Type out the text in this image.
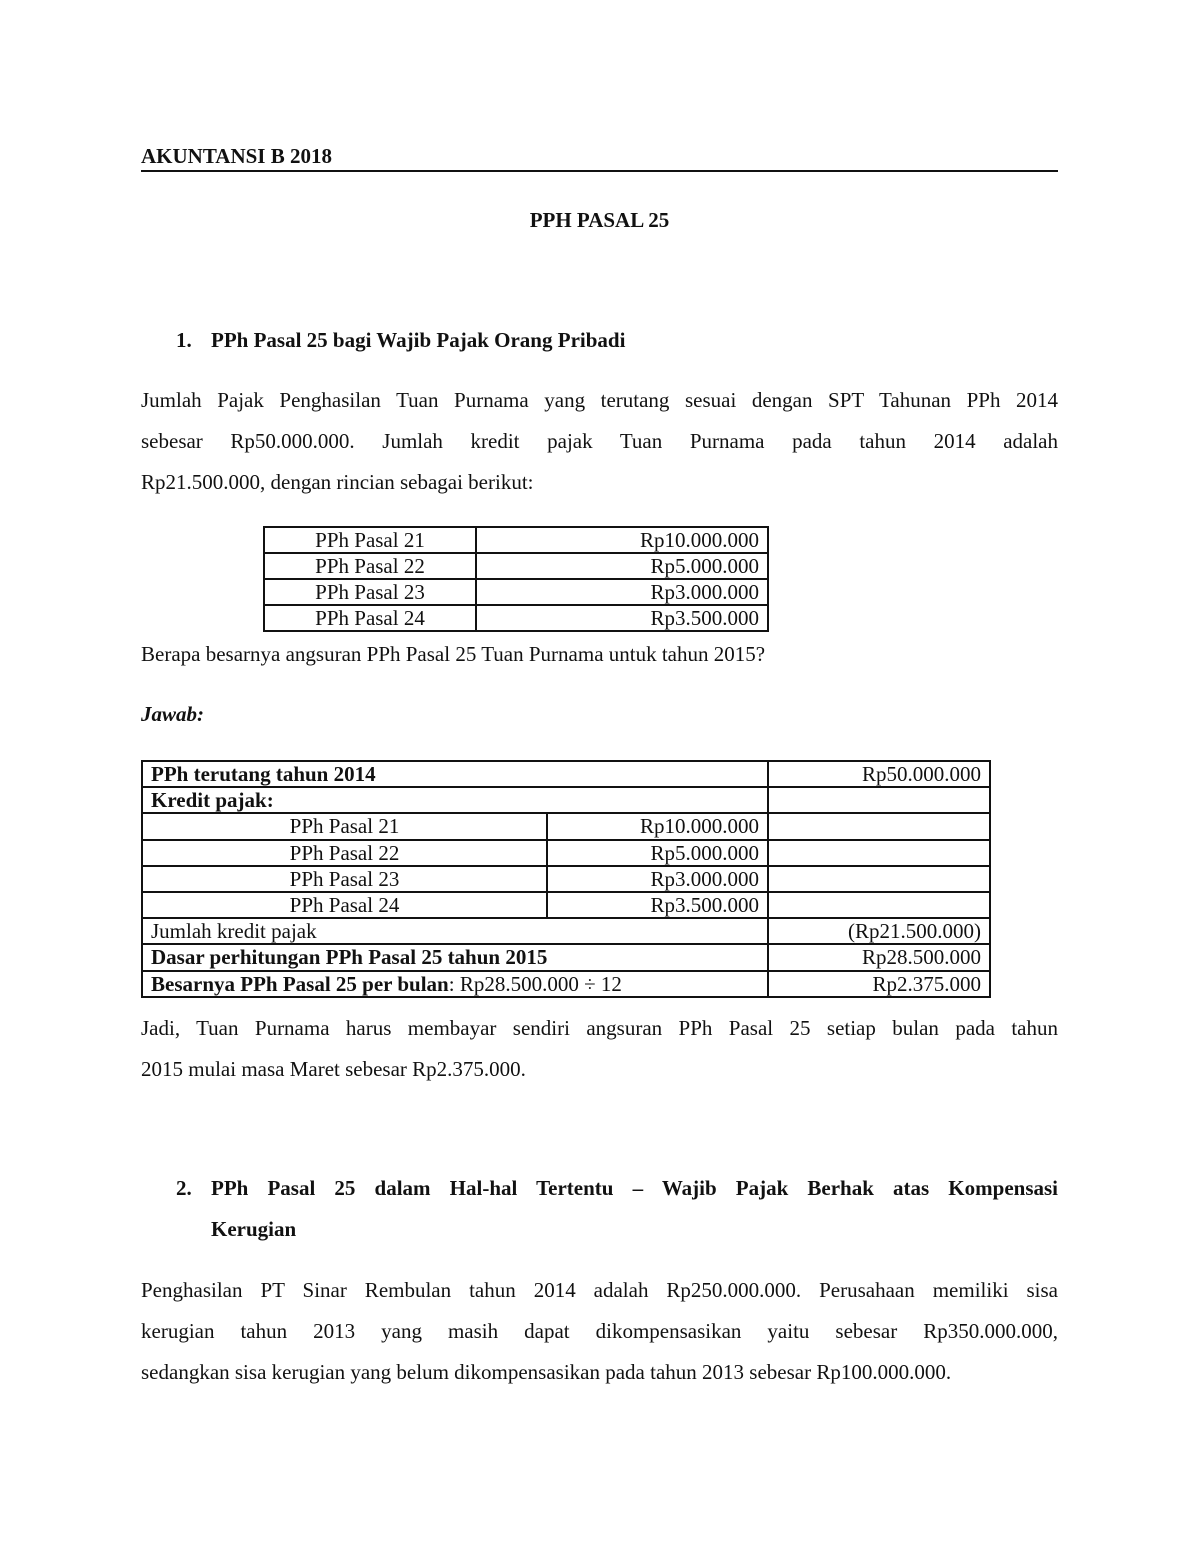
AKUNTANSI B 2018

PPH PASAL 25

1. PPh Pasal 25 bagi Wajib Pajak Orang Pribadi
Jumlah Pajak Penghasilan Tuan Purnama yang terutang sesuai dengan SPT Tahunan PPh 2014
sebesar Rp50.000.000. Jumlah kredit pajak Tuan Purnama pada tahun 2014 adalah
Rp21.500.000, dengan rincian sebagai berikut:
PPh Pasal 21	Rp10.000.000
PPh Pasal 22	Rp5.000.000
PPh Pasal 23	Rp3.000.000
PPh Pasal 24	Rp3.500.000

Berapa besarnya angsuran PPh Pasal 25 Tuan Purnama untuk tahun 2015?

Jawab:

PPh terutang tahun 2014		Rp50.000.000
Kredit pajak:		
PPh Pasal 21	Rp10.000.000	
PPh Pasal 22	Rp5.000.000	
PPh Pasal 23	Rp3.000.000	
PPh Pasal 24	Rp3.500.000	
Jumlah kredit pajak		(Rp21.500.000)
Dasar perhitungan PPh Pasal 25 tahun 2015		Rp28.500.000
Besarnya PPh Pasal 25 per bulan: Rp28.500.000 ÷ 12		Rp2.375.000
Jadi, Tuan Purnama harus membayar sendiri angsuran PPh Pasal 25 setiap bulan pada tahun
2015 mulai masa Maret sebesar Rp2.375.000.
2. PPh Pasal 25 dalam Hal-hal Tertentu – Wajib Pajak Berhak atas Kompensasi
Kerugian
Penghasilan PT Sinar Rembulan tahun 2014 adalah Rp250.000.000. Perusahaan memiliki sisa
kerugian tahun 2013 yang masih dapat dikompensasikan yaitu sebesar Rp350.000.000,
sedangkan sisa kerugian yang belum dikompensasikan pada tahun 2013 sebesar Rp100.000.000.
